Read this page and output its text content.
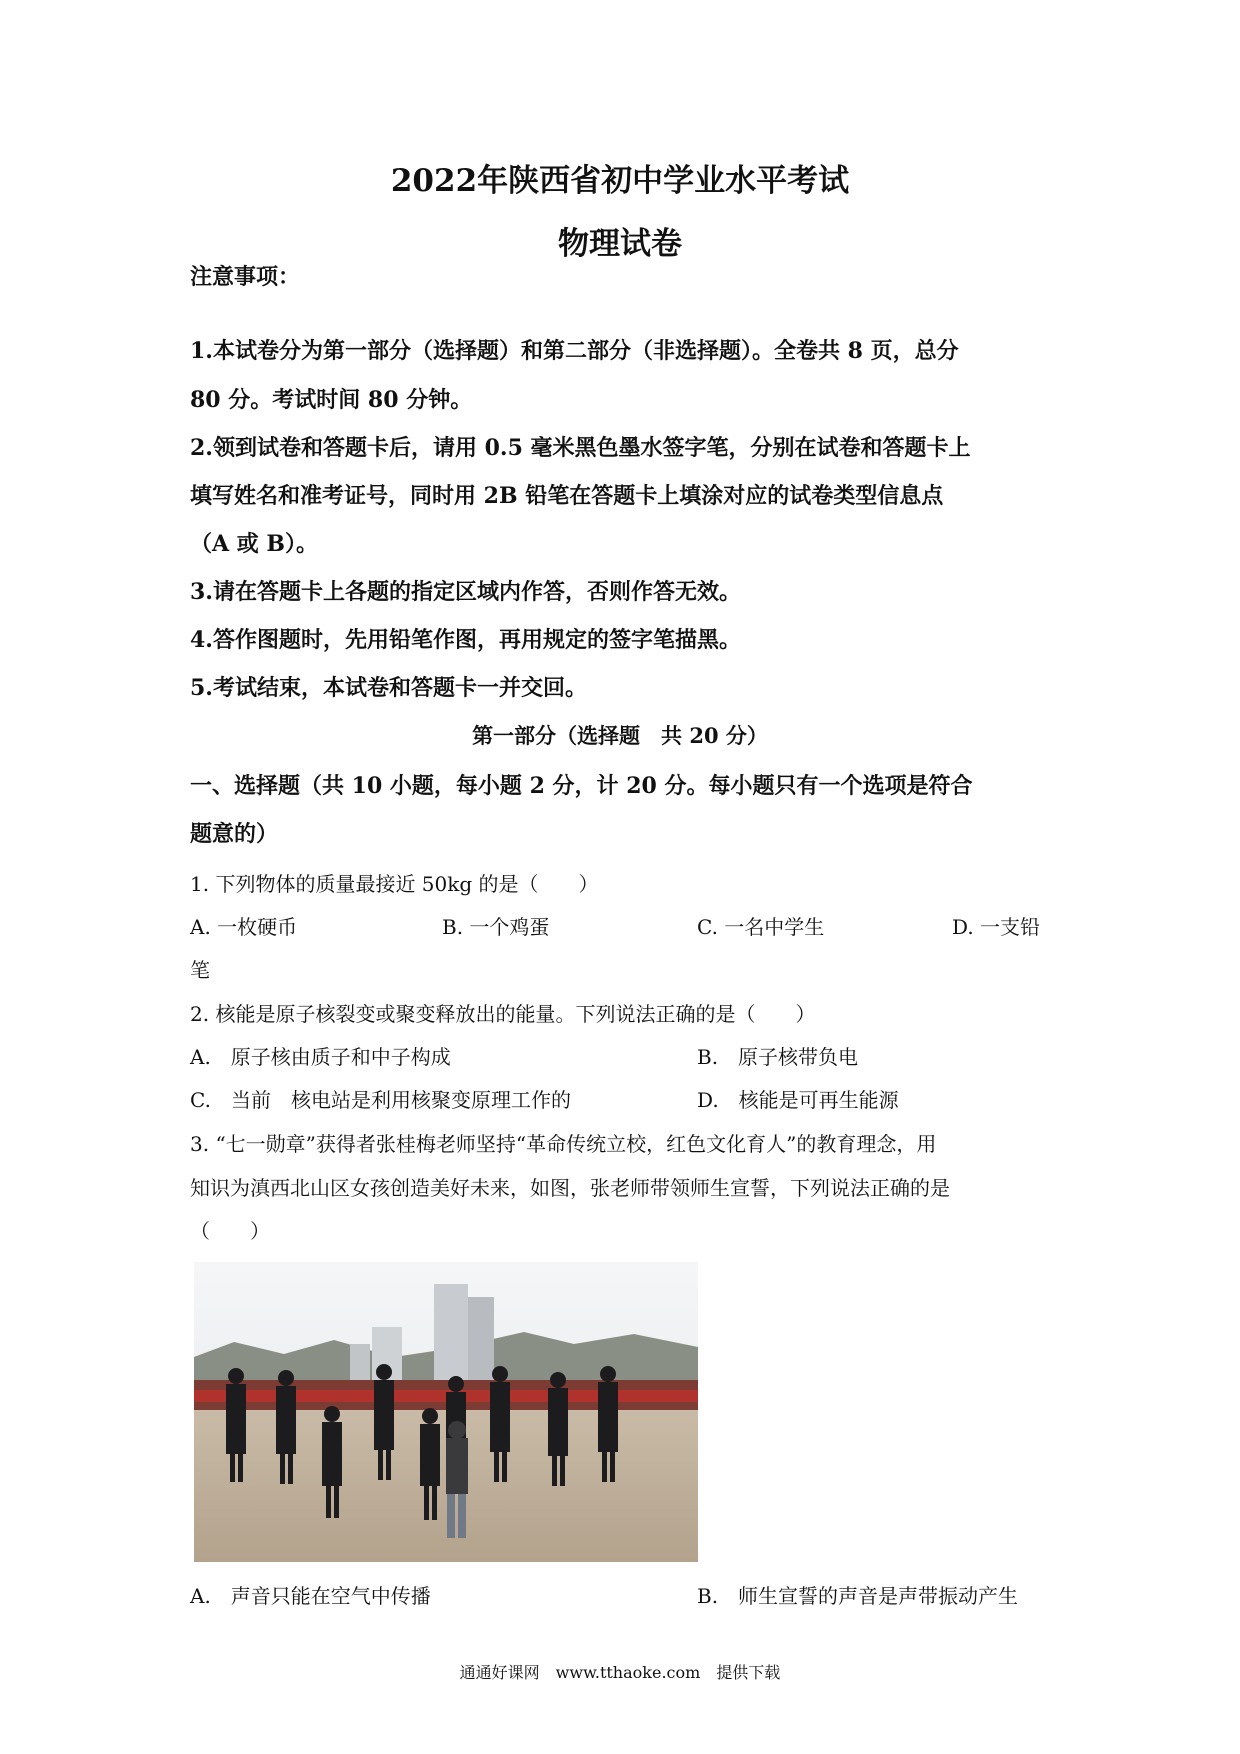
2022年陕西省初中学业水平考试
物理试卷
注意事项：
1.本试卷分为第一部分（选择题）和第二部分（非选择题）。全卷共 8 页，总分
80 分。考试时间 80 分钟。
2.领到试卷和答题卡后，请用 0.5 毫米黑色墨水签字笔，分别在试卷和答题卡上
填写姓名和准考证号，同时用 2B 铅笔在答题卡上填涂对应的试卷类型信息点
（A 或 B）。
3.请在答题卡上各题的指定区域内作答，否则作答无效。
4.答作图题时，先用铅笔作图，再用规定的签字笔描黑。
5.考试结束，本试卷和答题卡一并交回。
第一部分（选择题　共 20 分）
一、选择题（共 10 小题，每小题 2 分，计 20 分。每小题只有一个选项是符合
题意的）
1. 下列物体的质量最接近 50kg 的是（　　）
A. 一枚硬币	B. 一个鸡蛋	C. 一名中学生	D. 一支铅
笔
2. 核能是原子核裂变或聚变释放出的能量。下列说法正确的是（　　）
A.　原子核由质子和中子构成	B.　原子核带负电
C.　当前　核电站是利用核聚变原理工作的	D.　核能是可再生能源
3. “七一勋章”获得者张桂梅老师坚持“革命传统立校，红色文化育人”的教育理念，用
知识为滇西北山区女孩创造美好未来，如图，张老师带领师生宣誓，下列说法正确的是
（　　）
A.　声音只能在空气中传播	B.　师生宣誓的声音是声带振动产生
通通好课网　www.tthaoke.com　提供下载
